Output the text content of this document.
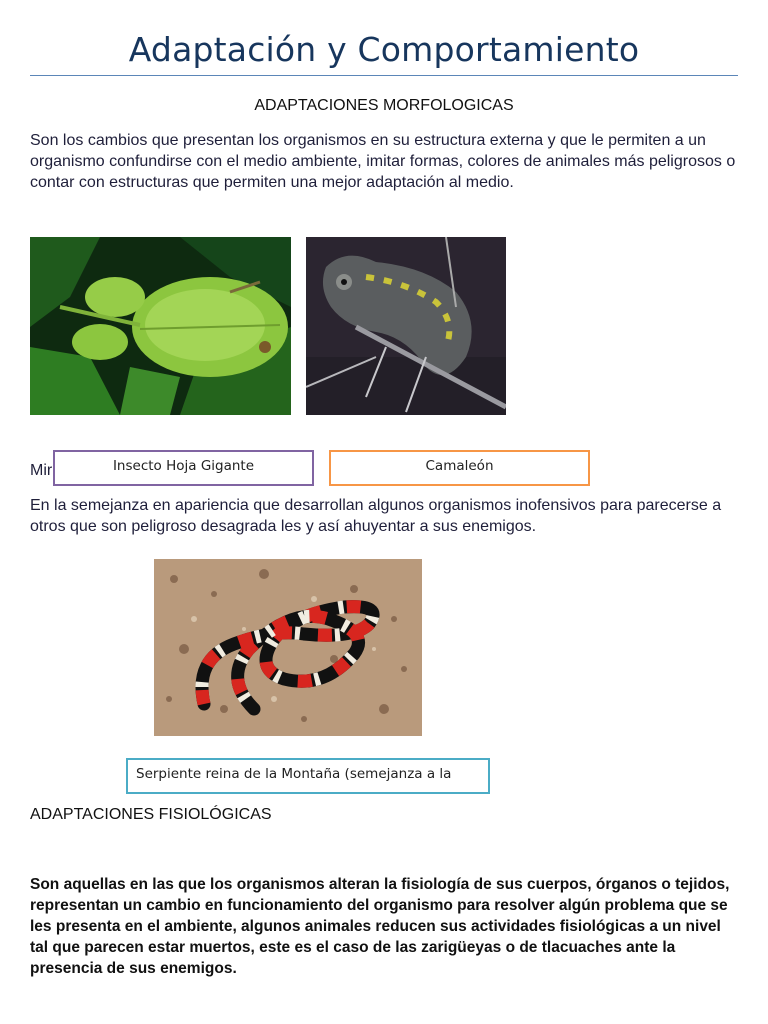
Adaptación y Comportamiento
ADAPTACIONES MORFOLOGICAS
Son los cambios que presentan los organismos en su estructura externa y que le permiten a un organismo confundirse con el medio ambiente, imitar formas, colores de animales más peligrosos o contar con estructuras que permiten una mejor adaptación al medio.
Mir	Insecto Hoja Gigante	Camaleón
En la semejanza en apariencia que desarrollan algunos organismos inofensivos para parecerse a otros que son peligroso desagrada les y así ahuyentar a sus enemigos.
Serpiente reina de la Montaña (semejanza a la
ADAPTACIONES FISIOLÓGICAS
Son aquellas en las que los organismos alteran la fisiología de sus cuerpos, órganos o tejidos, representan un cambio en funcionamiento del organismo para resolver algún problema que se les presenta en el ambiente, algunos animales reducen sus actividades fisiológicas a un nivel tal que parecen estar muertos, este es el caso de las zarigüeyas o de tlacuaches ante la presencia de sus enemigos.
